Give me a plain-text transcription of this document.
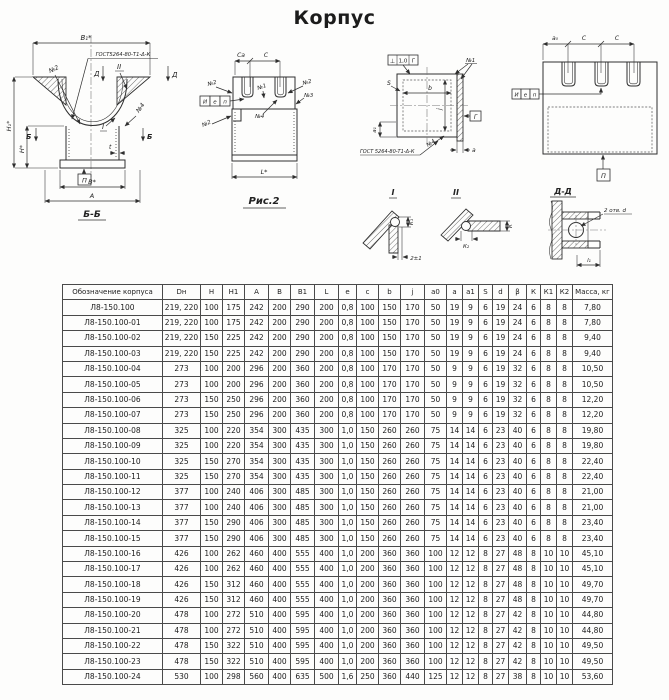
Корпус
В₁*
ГОСТ5264-80-Т1-Δ-К
№2
№4
Д	Д
II
I
Б	Б
Н₁*
Н*	t
П В*
А
Б-Б
Са	С
И е п
№2	№1
№2
№3
№4
№2
L*
Рис.2
⊥ 1,0 Г
b
j
S
№1
Г
а₁
а
ГОСТ 5264-80-Т1-Δ-К
№4
а₀	С	С
И е п
П
I
К₁
2±1
II
К₂
К
Д-Д
2 отв. d
l₁
Обозначение корпуса	Dн	Н	Н1	А	В	В1	L	е	с	b	j	а0	а	а1	S	d	β	К	К1	К2	Масса, кг
Л8-150.100	219, 220	100	175	242	200	290	200	0,8	100	150	170	50	19	9	6	19	24	6	8	8	7,80
Л8-150.100-01	219, 220	100	175	242	200	290	200	0,8	100	150	170	50	19	9	6	19	24	6	8	8	7,80
Л8-150.100-02	219, 220	150	225	242	200	290	200	0,8	100	150	170	50	19	9	6	19	24	6	8	8	9,40
Л8-150.100-03	219, 220	150	225	242	200	290	200	0,8	100	150	170	50	19	9	6	19	24	6	8	8	9,40
Л8-150.100-04	273	100	200	296	200	360	200	0,8	100	170	170	50	9	9	6	19	32	6	8	8	10,50
Л8-150.100-05	273	100	200	296	200	360	200	0,8	100	170	170	50	9	9	6	19	32	6	8	8	10,50
Л8-150.100-06	273	150	250	296	200	360	200	0,8	100	170	170	50	9	9	6	19	32	6	8	8	12,20
Л8-150.100-07	273	150	250	296	200	360	200	0,8	100	170	170	50	9	9	6	19	32	6	8	8	12,20
Л8-150.100-08	325	100	220	354	300	435	300	1,0	150	260	260	75	14	14	6	23	40	6	8	8	19,80
Л8-150.100-09	325	100	220	354	300	435	300	1,0	150	260	260	75	14	14	6	23	40	6	8	8	19,80
Л8-150.100-10	325	150	270	354	300	435	300	1,0	150	260	260	75	14	14	6	23	40	6	8	8	22,40
Л8-150.100-11	325	150	270	354	300	435	300	1,0	150	260	260	75	14	14	6	23	40	6	8	8	22,40
Л8-150.100-12	377	100	240	406	300	485	300	1,0	150	260	260	75	14	14	6	23	40	6	8	8	21,00
Л8-150.100-13	377	100	240	406	300	485	300	1,0	150	260	260	75	14	14	6	23	40	6	8	8	21,00
Л8-150.100-14	377	150	290	406	300	485	300	1,0	150	260	260	75	14	14	6	23	40	6	8	8	23,40
Л8-150.100-15	377	150	290	406	300	485	300	1,0	150	260	260	75	14	14	6	23	40	6	8	8	23,40
Л8-150.100-16	426	100	262	460	400	555	400	1,0	200	360	360	100	12	12	8	27	48	8	10	10	45,10
Л8-150.100-17	426	100	262	460	400	555	400	1,0	200	360	360	100	12	12	8	27	48	8	10	10	45,10
Л8-150.100-18	426	150	312	460	400	555	400	1,0	200	360	360	100	12	12	8	27	48	8	10	10	49,70
Л8-150.100-19	426	150	312	460	400	555	400	1,0	200	360	360	100	12	12	8	27	48	8	10	10	49,70
Л8-150.100-20	478	100	272	510	400	595	400	1,0	200	360	360	100	12	12	8	27	42	8	10	10	44,80
Л8-150.100-21	478	100	272	510	400	595	400	1,0	200	360	360	100	12	12	8	27	42	8	10	10	44,80
Л8-150.100-22	478	150	322	510	400	595	400	1,0	200	360	360	100	12	12	8	27	42	8	10	10	49,50
Л8-150.100-23	478	150	322	510	400	595	400	1,0	200	360	360	100	12	12	8	27	42	8	10	10	49,50
Л8-150.100-24	530	100	298	560	400	635	500	1,6	250	360	440	125	12	12	8	27	38	8	10	10	53,60
